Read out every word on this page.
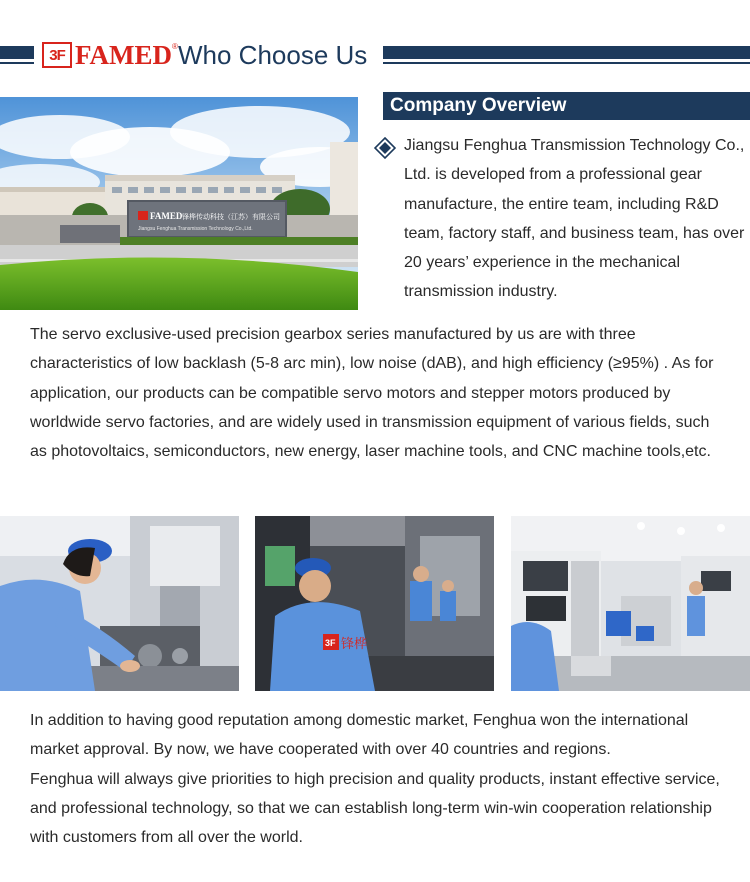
3F FAMED ® Who Choose Us
FAMED 锋桦传动科技（江苏）有限公司
Jiangsu Fenghua Transmission Technology Co.,Ltd.
Company Overview
Jiangsu Fenghua Transmission Technology Co., Ltd. is developed from a professional gear manufacture, the entire team, including R&D team, factory staff, and business team, has over 20 years’ experience in the mechanical transmission industry.
The servo exclusive-used precision gearbox series manufactured by us are with three characteristics of low backlash (5-8 arc min), low noise (dAB), and high efficiency (≥95%) . As for application, our products can be compatible servo motors and stepper motors produced by worldwide servo factories, and are widely used in transmission equipment of various fields, such as photovoltaics, semiconductors, new energy, laser machine tools, and CNC machine tools,etc.
3F 锋桦

In addition to having good reputation among domestic market, Fenghua won the international market approval. By now, we have cooperated with over 40 countries and regions.

Fenghua will always give priorities to high precision and quality products, instant effective service, and professional technology, so that we can establish long-term win-win cooperation relationship with customers from all over the world.
